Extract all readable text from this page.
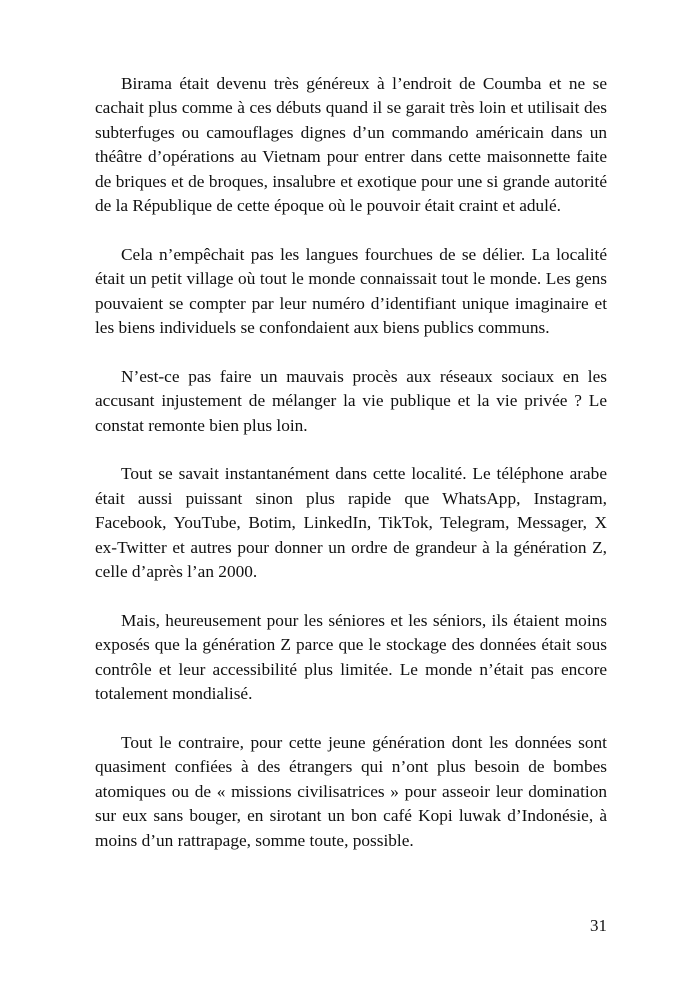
Birama était devenu très généreux à l’endroit de Coumba et ne se cachait plus comme à ces débuts quand il se garait très loin et utilisait des subterfuges ou camouflages dignes d’un commando américain dans un théâtre d’opérations au Vietnam pour entrer dans cette maisonnette faite de briques et de broques, insalubre et exotique pour une si grande autorité de la République de cette époque où le pouvoir était craint et adulé.

Cela n’empêchait pas les langues fourchues de se délier. La localité était un petit village où tout le monde connaissait tout le monde. Les gens pouvaient se compter par leur numéro d’identifiant unique imaginaire et les biens individuels se confondaient aux biens publics communs.

N’est-ce pas faire un mauvais procès aux réseaux sociaux en les accusant injustement de mélanger la vie publique et la vie privée ? Le constat remonte bien plus loin.

Tout se savait instantanément dans cette localité. Le téléphone arabe était aussi puissant sinon plus rapide que WhatsApp, Instagram, Facebook, YouTube, Botim, LinkedIn, TikTok, Telegram, Messager, X ex-Twitter et autres pour donner un ordre de grandeur à la génération Z, celle d’après l’an 2000.

Mais, heureusement pour les séniores et les séniors, ils étaient moins exposés que la génération Z parce que le stockage des données était sous contrôle et leur accessibilité plus limitée. Le monde n’était pas encore totalement mondialisé.

Tout le contraire, pour cette jeune génération dont les données sont quasiment confiées à des étrangers qui n’ont plus besoin de bombes atomiques ou de « missions civilisatrices » pour asseoir leur domination sur eux sans bouger, en sirotant un bon café Kopi luwak d’Indonésie, à moins d’un rattrapage, somme toute, possible.

31
